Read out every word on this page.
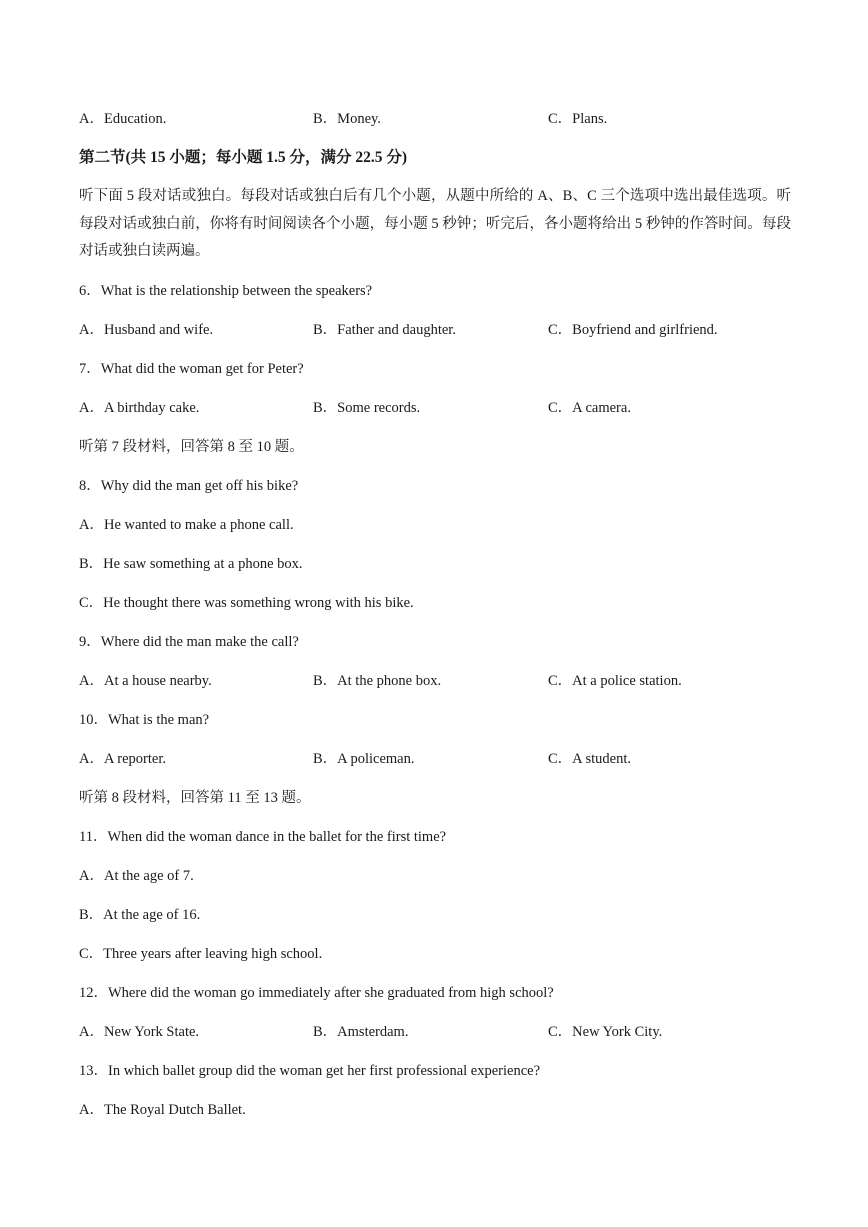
A．Education.	B．Money.	C．Plans.
第二节(共 15 小题；每小题 1.5 分，满分 22.5 分)
听下面 5 段对话或独白。每段对话或独白后有几个小题，从题中所给的 A、B、C 三个选项中选出最佳选项。听每段对话或独白前，你将有时间阅读各个小题，每小题 5 秒钟；听完后，各小题将给出 5 秒钟的作答时间。每段对话或独白读两遍。
6．What is the relationship between the speakers?
A．Husband and wife.	B．Father and daughter.	C．Boyfriend and girlfriend.
7．What did the woman get for Peter?
A．A birthday cake.	B．Some records.	C．A camera.
听第 7 段材料，回答第 8 至 10 题。
8．Why did the man get off his bike?
A．He wanted to make a phone call.
B．He saw something at a phone box.
C．He thought there was something wrong with his bike.
9．Where did the man make the call?
A．At a house nearby.	B．At the phone box.	C．At a police station.
10．What is the man?
A．A reporter.	B．A policeman.	C．A student.
听第 8 段材料，回答第 11 至 13 题。
11．When did the woman dance in the ballet for the first time?
A．At the age of 7.
B．At the age of 16.
C．Three years after leaving high school.
12．Where did the woman go immediately after she graduated from high school?
A．New York State.	B．Amsterdam.	C．New York City.
13．In which ballet group did the woman get her first professional experience?
A．The Royal Dutch Ballet.
